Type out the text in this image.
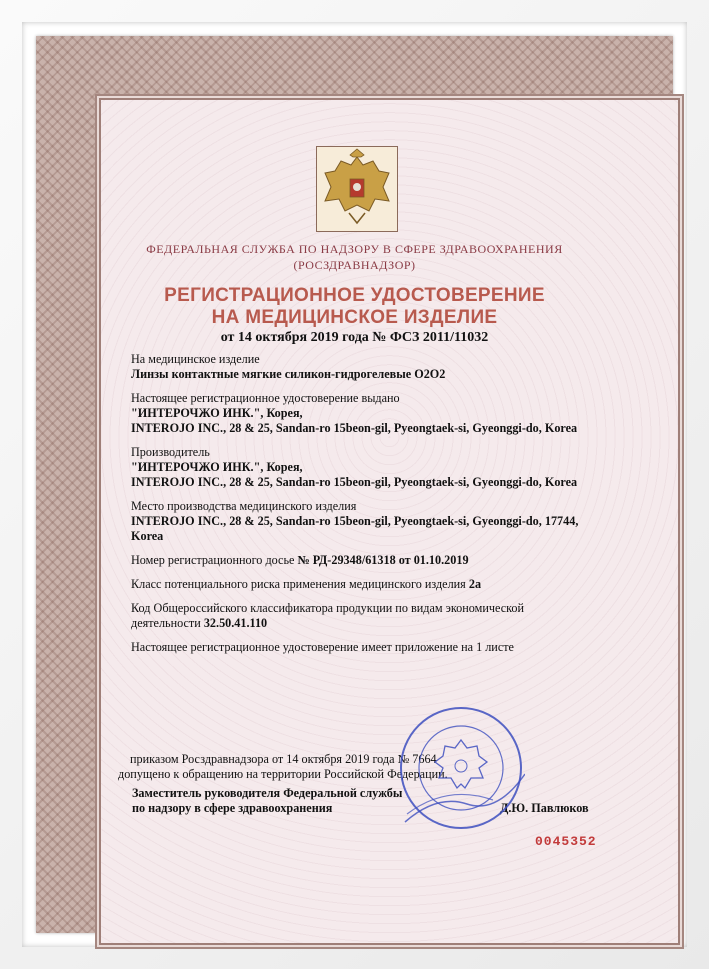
ФЕДЕРАЛЬНАЯ СЛУЖБА ПО НАДЗОРУ В СФЕРЕ ЗДРАВООХРАНЕНИЯ
(РОСЗДРАВНАДЗОР)
РЕГИСТРАЦИОННОЕ УДОСТОВЕРЕНИЕ
НА МЕДИЦИНСКОЕ ИЗДЕЛИЕ
от 14 октября 2019 года № ФСЗ 2011/11032
На медицинское изделие
Линзы контактные мягкие силикон-гидрогелевые О2О2
Настоящее регистрационное удостоверение выдано
"ИНТЕРОЧЖО ИНК.", Корея,
INTEROJO INC., 28 & 25, Sandan-ro 15beon-gil, Pyeongtaek-si, Gyeonggi-do, Korea
Производитель
"ИНТЕРОЧЖО ИНК.", Корея,
INTEROJO INC., 28 & 25, Sandan-ro 15beon-gil, Pyeongtaek-si, Gyeonggi-do, Korea
Место производства медицинского изделия
INTEROJO INC., 28 & 25, Sandan-ro 15beon-gil, Pyeongtaek-si, Gyeonggi-do, 17744,
Korea
Номер регистрационного досье № РД-29348/61318 от 01.10.2019
Класс потенциального риска применения медицинского изделия 2а
Код Общероссийского классификатора продукции по видам экономической
деятельности 32.50.41.110
Настоящее регистрационное удостоверение имеет приложение на 1 листе
приказом Росздравнадзора от 14 октября 2019 года № 7664
допущено к обращению на территории Российской Федерации.
Заместитель руководителя Федеральной службы
по надзору в сфере здравоохранения	Д.Ю. Павлюков
0045352
